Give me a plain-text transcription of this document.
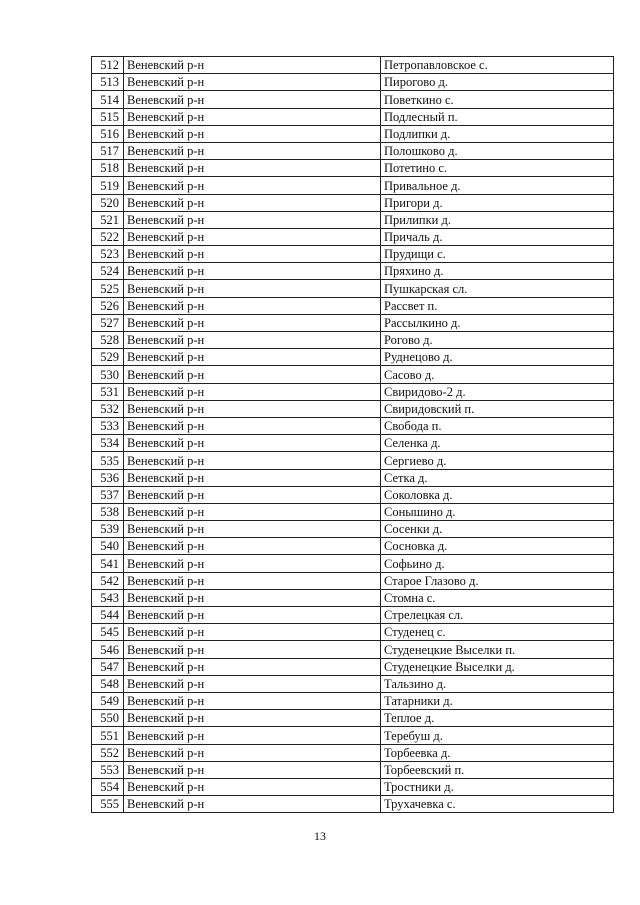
512	Веневский р-н	Петропавловское с.
513	Веневский р-н	Пирогово д.
514	Веневский р-н	Поветкино с.
515	Веневский р-н	Подлесный п.
516	Веневский р-н	Подлипки д.
517	Веневский р-н	Полошково д.
518	Веневский р-н	Потетино с.
519	Веневский р-н	Привальное д.
520	Веневский р-н	Пригори д.
521	Веневский р-н	Прилипки д.
522	Веневский р-н	Причаль д.
523	Веневский р-н	Прудищи с.
524	Веневский р-н	Пряхино д.
525	Веневский р-н	Пушкарская сл.
526	Веневский р-н	Рассвет п.
527	Веневский р-н	Рассылкино д.
528	Веневский р-н	Рогово д.
529	Веневский р-н	Руднецово д.
530	Веневский р-н	Сасово д.
531	Веневский р-н	Свиридово-2 д.
532	Веневский р-н	Свиридовский п.
533	Веневский р-н	Свобода п.
534	Веневский р-н	Селенка д.
535	Веневский р-н	Сергиево д.
536	Веневский р-н	Сетка д.
537	Веневский р-н	Соколовка д.
538	Веневский р-н	Сонышино д.
539	Веневский р-н	Сосенки д.
540	Веневский р-н	Сосновка д.
541	Веневский р-н	Софьино д.
542	Веневский р-н	Старое Глазово д.
543	Веневский р-н	Стомна с.
544	Веневский р-н	Стрелецкая сл.
545	Веневский р-н	Студенец с.
546	Веневский р-н	Студенецкие Выселки п.
547	Веневский р-н	Студенецкие Выселки д.
548	Веневский р-н	Тальзино д.
549	Веневский р-н	Татарники д.
550	Веневский р-н	Теплое д.
551	Веневский р-н	Теребуш д.
552	Веневский р-н	Торбеевка д.
553	Веневский р-н	Торбеевский п.
554	Веневский р-н	Тростники д.
555	Веневский р-н	Трухачевка с.
13
